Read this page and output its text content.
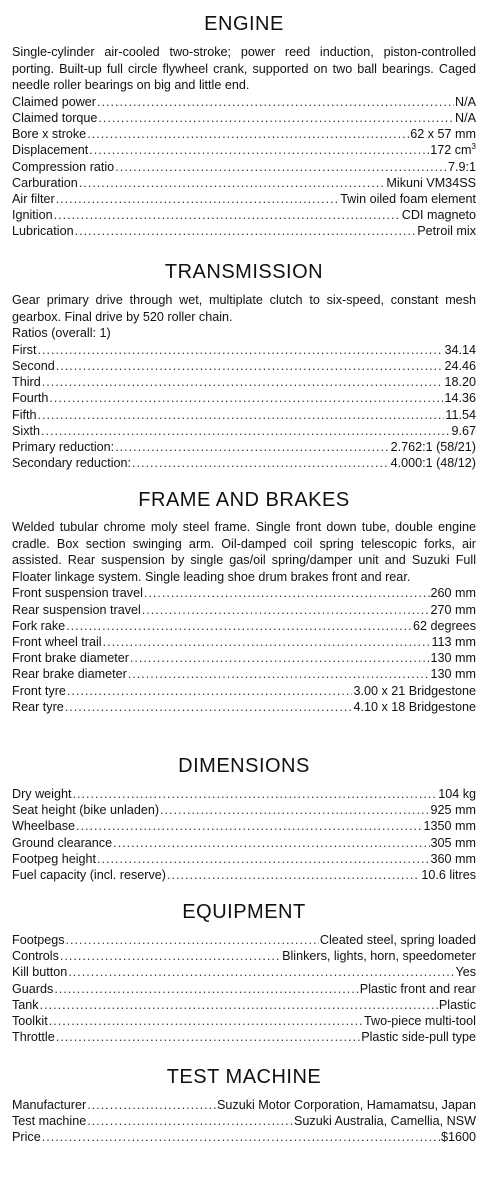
ENGINE

Single-cylinder air-cooled two-stroke; power reed induction, piston-controlled porting. Built-up full circle flywheel crank, supported on two ball bearings. Caged needle roller bearings on big and little end.

Claimed power .....	N/A
Claimed torque .....	N/A
Bore x stroke .....	62 x 57 mm
Displacement .....	172 $cm^3$
Compression ratio .....	7.9:1
Carburation .....	Mikuni VM34SS
Air filter .....	Twin oiled foam element
Ignition .....	CDI magneto
Lubrication .....	Petroil mix
TRANSMISSION

Gear primary drive through wet, multiplate clutch to six-speed, constant mesh gearbox. Final drive by 520 roller chain.

Ratios (overall: 1)

First .....	34.14
Second .....	24.46
Third .....	18.20
Fourth .....	14.36
Fifth .....	11.54
Sixth .....	9.67
Primary reduction: .....	2.762:1 (58/21)
Secondary reduction: .....	4.000:1 (48/12)
FRAME AND BRAKES

Welded tubular chrome moly steel frame. Single front down tube, double engine cradle. Box section swinging arm. Oil-damped coil spring telescopic forks, air assisted. Rear suspension by single gas/oil spring/damper unit and Suzuki Full Floater linkage system. Single leading shoe drum brakes front and rear.

Front suspension travel .....	260 mm
Rear suspension travel .....	270 mm
Fork rake .....	62 degrees
Front wheel trail .....	113 mm
Front brake diameter .....	130 mm
Rear brake diameter .....	130 mm
Front tyre .....	3.00 x 21 Bridgestone
Rear tyre .....	4.10 x 18 Bridgestone
DIMENSIONS
Dry weight .....	104 kg
Seat height (bike unladen) .....	925 mm
Wheelbase .....	1350 mm
Ground clearance .....	305 mm
Footpeg height .....	360 mm
Fuel capacity (incl. reserve) .....	10.6 litres
EQUIPMENT
Footpegs .....	Cleated steel, spring loaded
Controls .....	Blinkers, lights, horn, speedometer
Kill button .....	Yes
Guards .....	Plastic front and rear
Tank .....	Plastic
Toolkit .....	Two-piece multi-tool
Throttle .....	Plastic side-pull type
TEST MACHINE
Manufacturer .....	Suzuki Motor Corporation, Hamamatsu, Japan
Test machine .....	Suzuki Australia, Camellia, NSW
Price .....	$1600
